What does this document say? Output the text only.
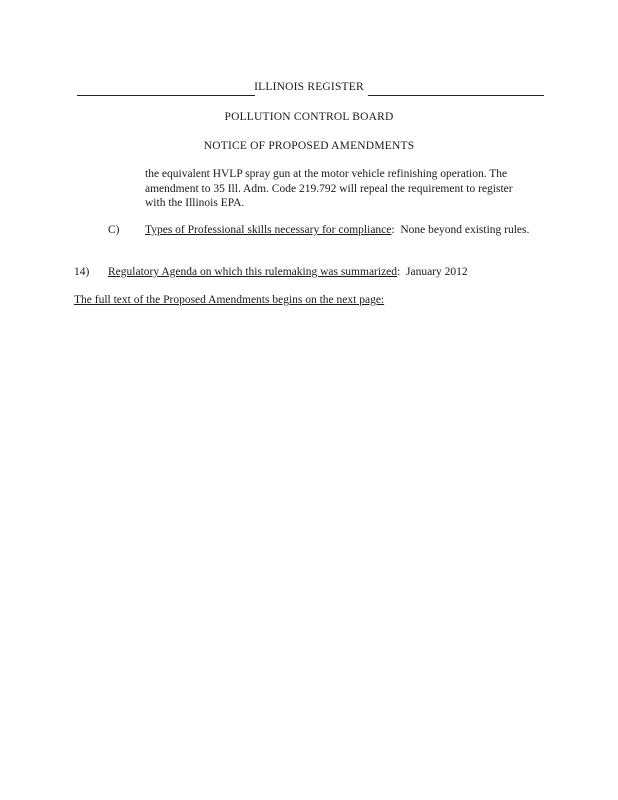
ILLINOIS REGISTER
POLLUTION CONTROL BOARD
NOTICE OF PROPOSED AMENDMENTS

the equivalent HVLP spray gun at the motor vehicle refinishing operation. The

amendment to 35 Ill. Adm. Code 219.792 will repeal the requirement to register

with the Illinois EPA.

C) Types of Professional skills necessary for compliance:  None beyond existing rules.
14) Regulatory Agenda on which this rulemaking was summarized:  January 2012
The full text of the Proposed Amendments begins on the next page:
